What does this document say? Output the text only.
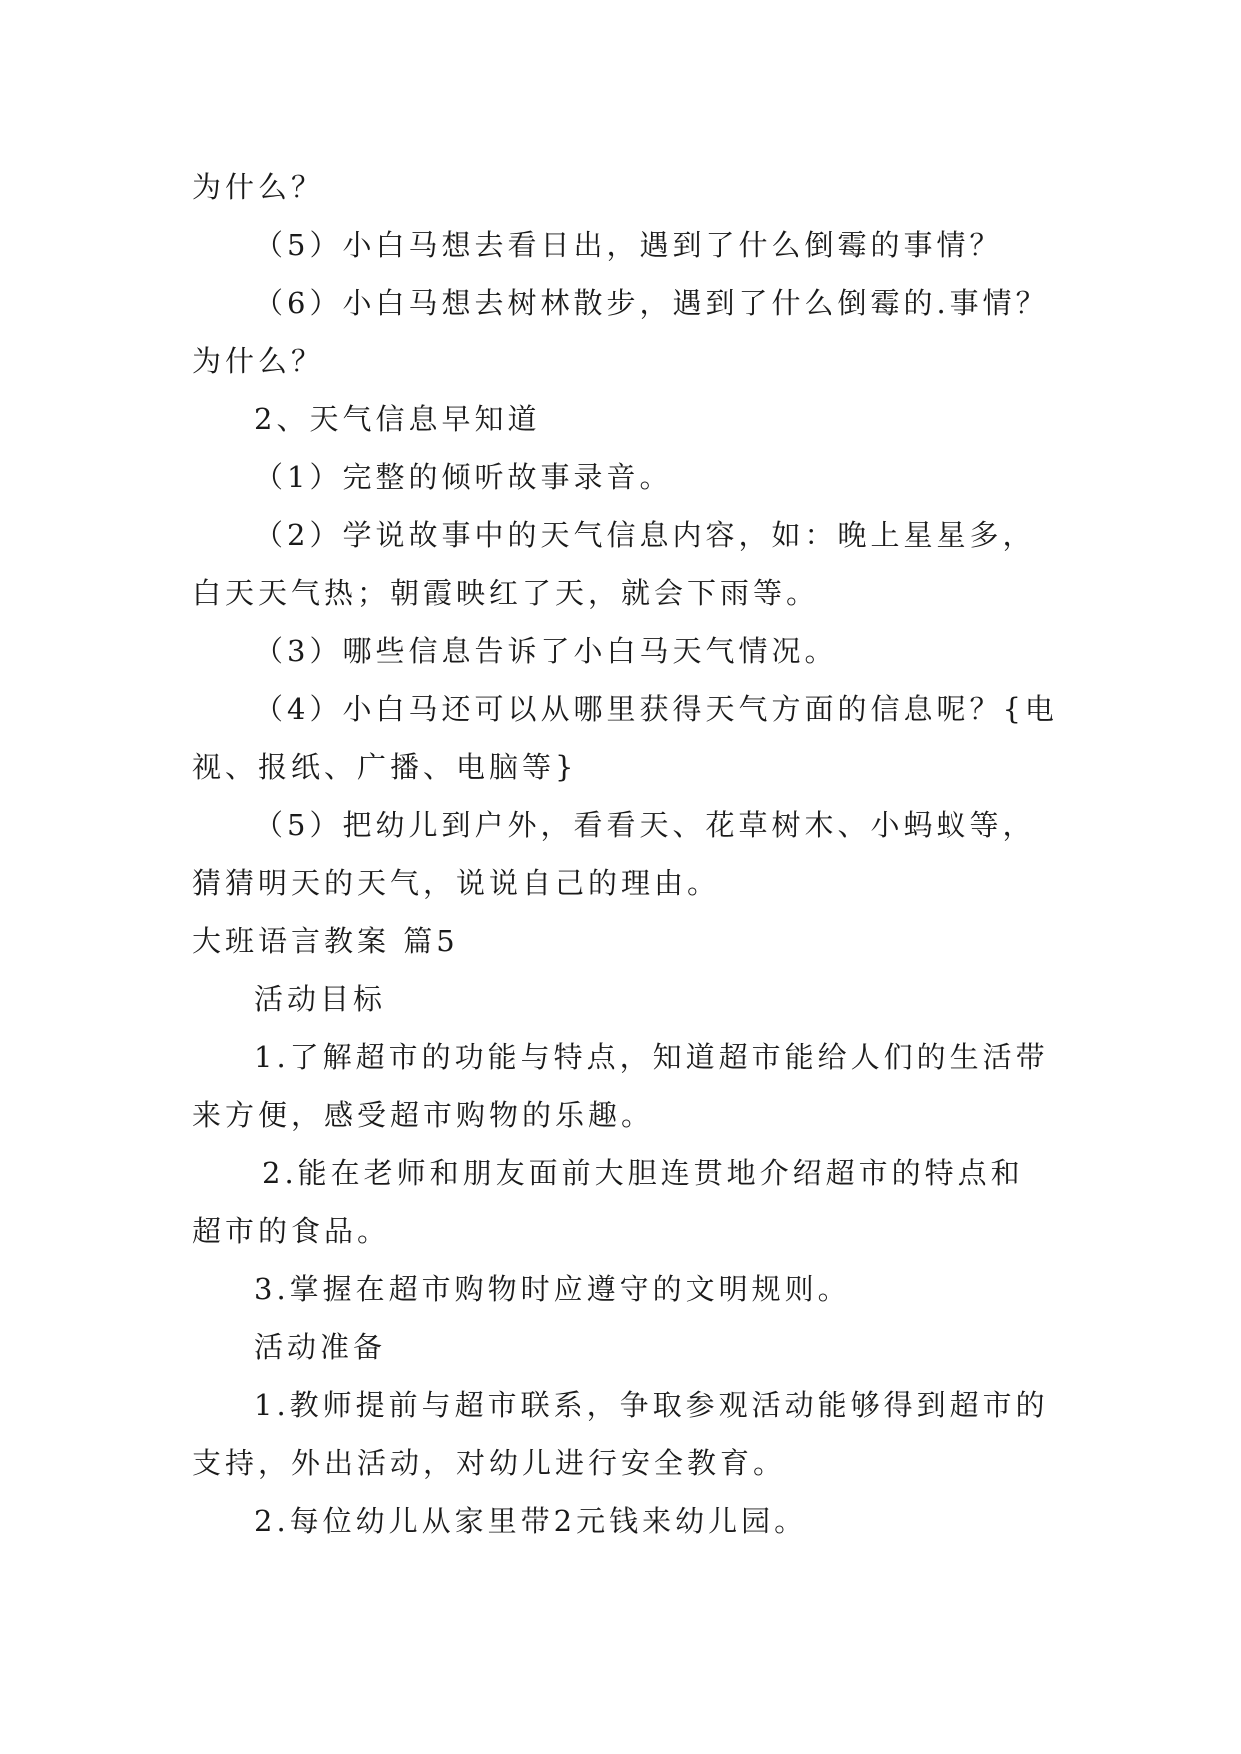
为什么？
（5）小白马想去看日出，遇到了什么倒霉的事情？
（6）小白马想去树林散步，遇到了什么倒霉的.事情？
为什么？
2、天气信息早知道
（1）完整的倾听故事录音。
（2）学说故事中的天气信息内容，如：晚上星星多，
白天天气热；朝霞映红了天，就会下雨等。
（3）哪些信息告诉了小白马天气情况。
（4）小白马还可以从哪里获得天气方面的信息呢？{电
视、报纸、广播、电脑等}
（5）把幼儿到户外，看看天、花草树木、小蚂蚁等，
猜猜明天的天气，说说自己的理由。
大班语言教案 篇5
活动目标
1.了解超市的功能与特点，知道超市能给人们的生活带
来方便，感受超市购物的乐趣。
2.能在老师和朋友面前大胆连贯地介绍超市的特点和
超市的食品。
3.掌握在超市购物时应遵守的文明规则。
活动准备
1.教师提前与超市联系，争取参观活动能够得到超市的
支持，外出活动，对幼儿进行安全教育。
2.每位幼儿从家里带2元钱来幼儿园。
